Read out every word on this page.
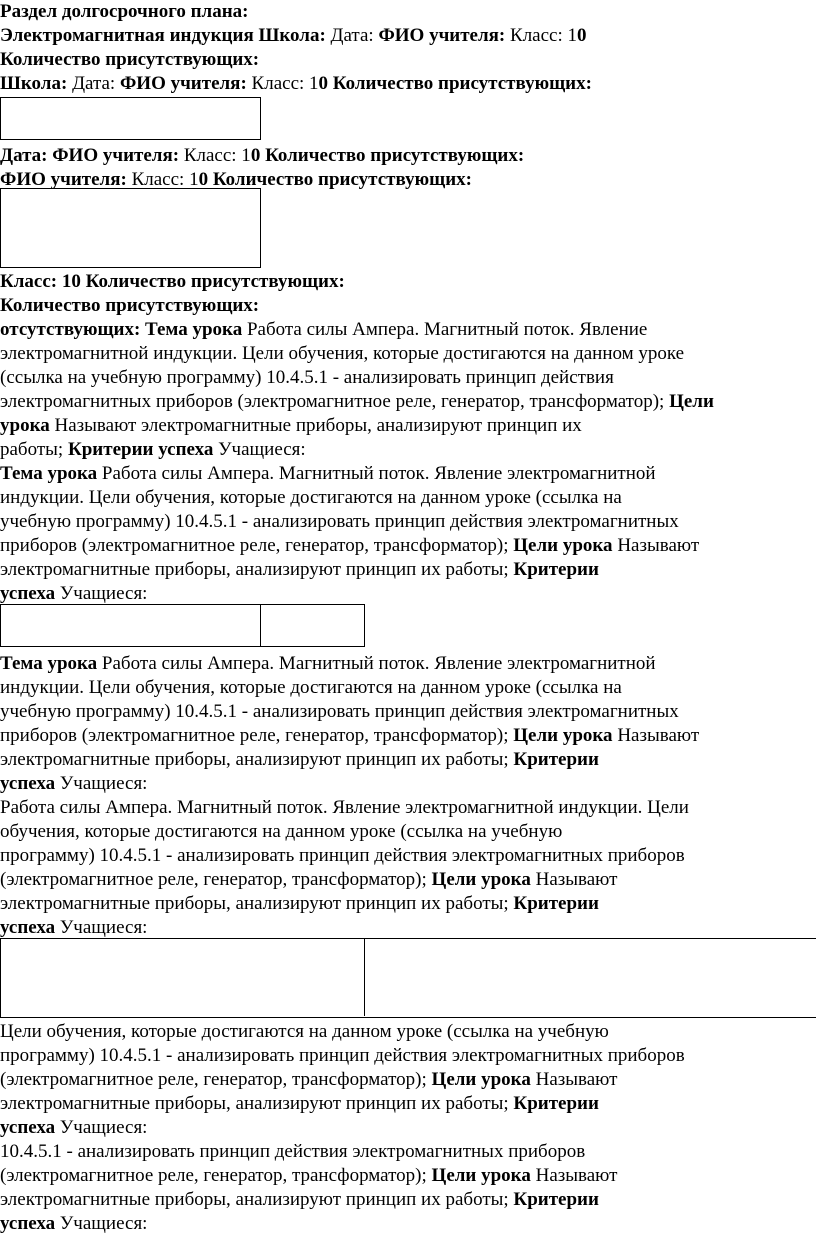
Раздел долгосрочного плана:
Электромагнитная индукция Школа: Дата: ФИО учителя: Класс: 10
Количество присутствующих:
Школа: Дата: ФИО учителя: Класс: 10 Количество присутствующих:
Дата: ФИО учителя: Класс: 10 Количество присутствующих:
ФИО учителя: Класс: 10 Количество присутствующих:
Класс: 10 Количество присутствующих:
Количество присутствующих:
отсутствующих: Тема урока Работа силы Ампера. Магнитный поток. Явление
электромагнитной индукции. Цели обучения, которые достигаются на данном уроке
(ссылка на учебную программу) 10.4.5.1 - анализировать принцип действия
электромагнитных приборов (электромагнитное реле, генератор, трансформатор); Цели
урока Называют электромагнитные приборы, анализируют принцип их
работы; Критерии успеха Учащиеся:
Тема урока Работа силы Ампера. Магнитный поток. Явление электромагнитной
индукции. Цели обучения, которые достигаются на данном уроке (ссылка на
учебную программу) 10.4.5.1 - анализировать принцип действия электромагнитных
приборов (электромагнитное реле, генератор, трансформатор); Цели урока Называют
электромагнитные приборы, анализируют принцип их работы; Критерии
успеха Учащиеся:
Тема урока Работа силы Ампера. Магнитный поток. Явление электромагнитной
индукции. Цели обучения, которые достигаются на данном уроке (ссылка на
учебную программу) 10.4.5.1 - анализировать принцип действия электромагнитных
приборов (электромагнитное реле, генератор, трансформатор); Цели урока Называют
электромагнитные приборы, анализируют принцип их работы; Критерии
успеха Учащиеся:
Работа силы Ампера. Магнитный поток. Явление электромагнитной индукции. Цели
обучения, которые достигаются на данном уроке (ссылка на учебную
программу) 10.4.5.1 - анализировать принцип действия электромагнитных приборов
(электромагнитное реле, генератор, трансформатор); Цели урока Называют
электромагнитные приборы, анализируют принцип их работы; Критерии
успеха Учащиеся:
Цели обучения, которые достигаются на данном уроке (ссылка на учебную
программу) 10.4.5.1 - анализировать принцип действия электромагнитных приборов
(электромагнитное реле, генератор, трансформатор); Цели урока Называют
электромагнитные приборы, анализируют принцип их работы; Критерии
успеха Учащиеся:
10.4.5.1 - анализировать принцип действия электромагнитных приборов
(электромагнитное реле, генератор, трансформатор); Цели урока Называют
электромагнитные приборы, анализируют принцип их работы; Критерии
успеха Учащиеся:
